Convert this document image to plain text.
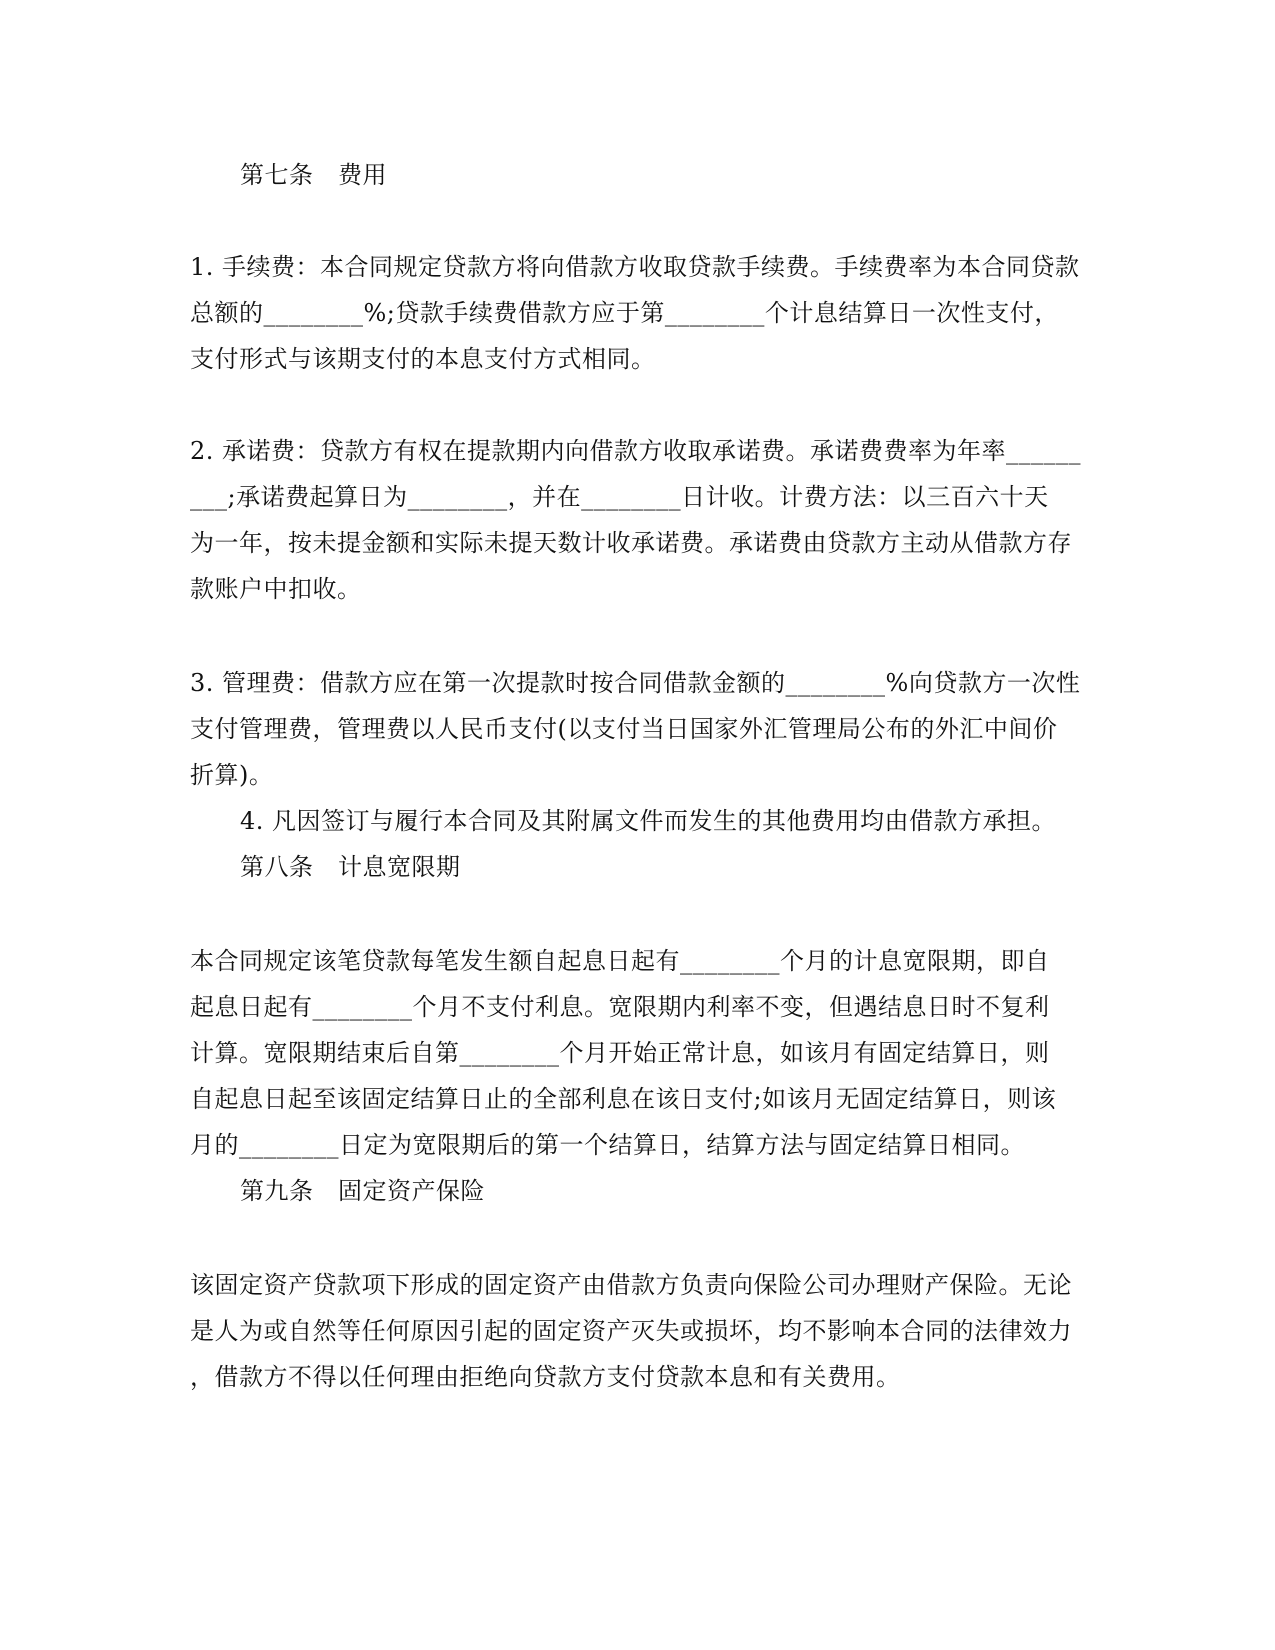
第七条　费用
1. 手续费：本合同规定贷款方将向借款方收取贷款手续费。手续费率为本合同贷款
总额的________%;贷款手续费借款方应于第________个计息结算日一次性支付，
支付形式与该期支付的本息支付方式相同。
2. 承诺费：贷款方有权在提款期内向借款方收取承诺费。承诺费费率为年率______
___;承诺费起算日为________，并在________日计收。计费方法：以三百六十天
为一年，按未提金额和实际未提天数计收承诺费。承诺费由贷款方主动从借款方存
款账户中扣收。
3. 管理费：借款方应在第一次提款时按合同借款金额的________%向贷款方一次性
支付管理费，管理费以人民币支付(以支付当日国家外汇管理局公布的外汇中间价
折算)。
4. 凡因签订与履行本合同及其附属文件而发生的其他费用均由借款方承担。
第八条　计息宽限期
本合同规定该笔贷款每笔发生额自起息日起有________个月的计息宽限期，即自
起息日起有________个月不支付利息。宽限期内利率不变，但遇结息日时不复利
计算。宽限期结束后自第________个月开始正常计息，如该月有固定结算日，则
自起息日起至该固定结算日止的全部利息在该日支付;如该月无固定结算日，则该
月的________日定为宽限期后的第一个结算日，结算方法与固定结算日相同。
第九条　固定资产保险
该固定资产贷款项下形成的固定资产由借款方负责向保险公司办理财产保险。无论
是人为或自然等任何原因引起的固定资产灭失或损坏，均不影响本合同的法律效力
，借款方不得以任何理由拒绝向贷款方支付贷款本息和有关费用。
